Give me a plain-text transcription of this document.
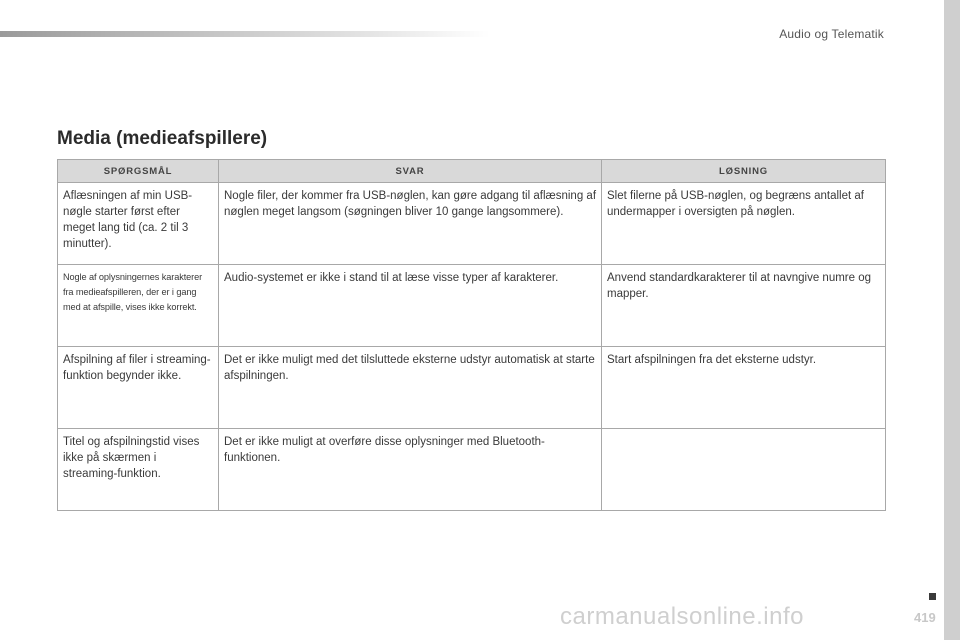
Audio og Telematik
Media (medieafspillere)
SPØRGSMÅL	SVAR	LØSNING
Aflæsningen af min USB-nøgle starter først efter meget lang tid (ca. 2 til 3 minutter).	Nogle filer, der kommer fra USB-nøglen, kan gøre adgang til aflæsning af nøglen meget langsom (søgningen bliver 10 gange langsommere).	Slet filerne på USB-nøglen, og begræns antallet af undermapper i oversigten på nøglen.
Nogle af oplysningernes karakterer fra medieafspilleren, der er i gang med at afspille, vises ikke korrekt.	Audio-systemet er ikke i stand til at læse visse typer af karakterer.	Anvend standardkarakterer til at navngive numre og mapper.
Afspilning af filer i streaming-funktion begynder ikke.	Det er ikke muligt med det tilsluttede eksterne udstyr automatisk at starte afspilningen.	Start afspilningen fra det eksterne udstyr.
Titel og afspilningstid vises ikke på skærmen i streaming-funktion.	Det er ikke muligt at overføre disse oplysninger med Bluetooth-funktionen.	
carmanualsonline.info	419
